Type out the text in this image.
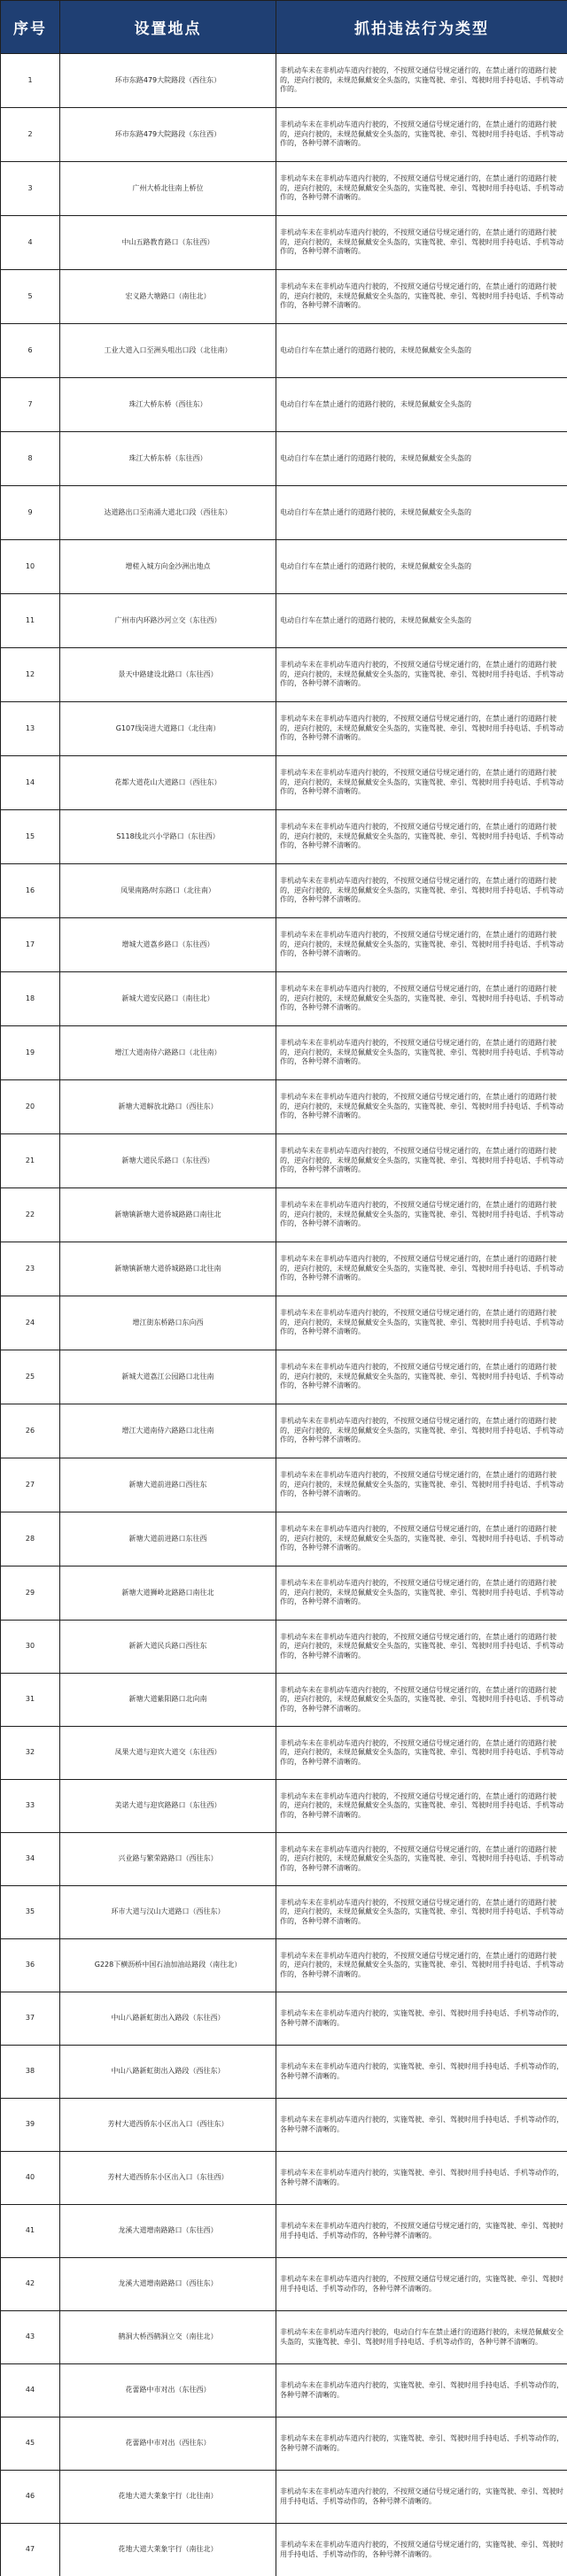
序号	设置地点	抓拍违法行为类型
1	环市东路479大院路段（西往东）	非机动车未在非机动车道内行驶的，不按照交通信号规定通行的，在禁止通行的道路行驶的，逆向行驶的，未规范佩戴安全头盔的，实施驾驶、牵引、驾驶时用手持电话、手机等动作的。
2	环市东路479大院路段（东往西）	非机动车未在非机动车道内行驶的，不按照交通信号规定通行的，在禁止通行的道路行驶的，逆向行驶的，未规范佩戴安全头盔的，实施驾驶、牵引、驾驶时用手持电话、手机等动作的，各种号牌不清晰的。
3	广州大桥北往南上桥位	非机动车未在非机动车道内行驶的，不按照交通信号规定通行的，在禁止通行的道路行驶的，逆向行驶的，未规范佩戴安全头盔的，实施驾驶、牵引、驾驶时用手持电话、手机等动作的，各种号牌不清晰的。
4	中山五路教育路口（东往西）	非机动车未在非机动车道内行驶的，不按照交通信号规定通行的，在禁止通行的道路行驶的，逆向行驶的，未规范佩戴安全头盔的，实施驾驶、牵引、驾驶时用手持电话、手机等动作的，各种号牌不清晰的。
5	宏义路大塘路口（南往北）	非机动车未在非机动车道内行驶的，不按照交通信号规定通行的，在禁止通行的道路行驶的，逆向行驶的，未规范佩戴安全头盔的，实施驾驶、牵引、驾驶时用手持电话、手机等动作的，各种号牌不清晰的。
6	工业大道入口至洲头咀出口段（北往南）	电动自行车在禁止通行的道路行驶的，未规范佩戴安全头盔的
7	珠江大桥东桥（西往东）	电动自行车在禁止通行的道路行驶的，未规范佩戴安全头盔的
8	珠江大桥东桥（东往西）	电动自行车在禁止通行的道路行驶的，未规范佩戴安全头盔的
9	达道路出口至南涌大道北口段（西往东）	电动自行车在禁止通行的道路行驶的，未规范佩戴安全头盔的
10	增槎入城方向金沙洲出地点	电动自行车在禁止通行的道路行驶的，未规范佩戴安全头盔的
11	广州市内环路沙河立交（东往西）	电动自行车在禁止通行的道路行驶的，未规范佩戴安全头盔的
12	景天中路建设北路口（东往西）	非机动车未在非机动车道内行驶的，不按照交通信号规定通行的，在禁止通行的道路行驶的，逆向行驶的，未规范佩戴安全头盔的，实施驾驶、牵引、驾驶时用手持电话、手机等动作的，各种号牌不清晰的。
13	G107线岗进大道路口（北往南）	非机动车未在非机动车道内行驶的，不按照交通信号规定通行的，在禁止通行的道路行驶的，逆向行驶的，未规范佩戴安全头盔的，实施驾驶、牵引、驾驶时用手持电话、手机等动作的，各种号牌不清晰的。
14	花都大道花山大道路口（西往东）	非机动车未在非机动车道内行驶的，不按照交通信号规定通行的，在禁止通行的道路行驶的，逆向行驶的，未规范佩戴安全头盔的，实施驾驶、牵引、驾驶时用手持电话、手机等动作的，各种号牌不清晰的。
15	S118线北兴小学路口（东往西）	非机动车未在非机动车道内行驶的，不按照交通信号规定通行的，在禁止通行的道路行驶的，逆向行驶的，未规范佩戴安全头盔的，实施驾驶、牵引、驾驶时用手持电话、手机等动作的，各种号牌不清晰的。
16	凤果南路/时东路口（北往南）	非机动车未在非机动车道内行驶的，不按照交通信号规定通行的，在禁止通行的道路行驶的，逆向行驶的，未规范佩戴安全头盔的，实施驾驶、牵引、驾驶时用手持电话、手机等动作的，各种号牌不清晰的。
17	增城大道荔乡路口（东往西）	非机动车未在非机动车道内行驶的，不按照交通信号规定通行的，在禁止通行的道路行驶的，逆向行驶的，未规范佩戴安全头盔的，实施驾驶、牵引、驾驶时用手持电话、手机等动作的，各种号牌不清晰的。
18	新城大道安民路口（南往北）	非机动车未在非机动车道内行驶的，不按照交通信号规定通行的，在禁止通行的道路行驶的，逆向行驶的，未规范佩戴安全头盔的，实施驾驶、牵引、驾驶时用手持电话、手机等动作的，各种号牌不清晰的。
19	增江大道南侍六路路口（北往南）	非机动车未在非机动车道内行驶的，不按照交通信号规定通行的，在禁止通行的道路行驶的，逆向行驶的，未规范佩戴安全头盔的，实施驾驶、牵引、驾驶时用手持电话、手机等动作的，各种号牌不清晰的。
20	新塘大道解放北路口（西往东）	非机动车未在非机动车道内行驶的，不按照交通信号规定通行的，在禁止通行的道路行驶的，逆向行驶的，未规范佩戴安全头盔的，实施驾驶、牵引、驾驶时用手持电话、手机等动作的，各种号牌不清晰的。
21	新塘大道民乐路口（东往西）	非机动车未在非机动车道内行驶的，不按照交通信号规定通行的，在禁止通行的道路行驶的，逆向行驶的，未规范佩戴安全头盔的，实施驾驶、牵引、驾驶时用手持电话、手机等动作的，各种号牌不清晰的。
22	新塘镇新塘大道侨城路路口南往北	非机动车未在非机动车道内行驶的，不按照交通信号规定通行的，在禁止通行的道路行驶的，逆向行驶的，未规范佩戴安全头盔的，实施驾驶、牵引、驾驶时用手持电话、手机等动作的，各种号牌不清晰的。
23	新塘镇新塘大道侨城路路口北往南	非机动车未在非机动车道内行驶的，不按照交通信号规定通行的，在禁止通行的道路行驶的，逆向行驶的，未规范佩戴安全头盔的，实施驾驶、牵引、驾驶时用手持电话、手机等动作的，各种号牌不清晰的。
24	增江街东桥路口东向西	非机动车未在非机动车道内行驶的，不按照交通信号规定通行的，在禁止通行的道路行驶的，逆向行驶的，未规范佩戴安全头盔的，实施驾驶、牵引、驾驶时用手持电话、手机等动作的，各种号牌不清晰的。
25	新城大道荔江公园路口北往南	非机动车未在非机动车道内行驶的，不按照交通信号规定通行的，在禁止通行的道路行驶的，逆向行驶的，未规范佩戴安全头盔的，实施驾驶、牵引、驾驶时用手持电话、手机等动作的，各种号牌不清晰的。
26	增江大道南侍六路路口北往南	非机动车未在非机动车道内行驶的，不按照交通信号规定通行的，在禁止通行的道路行驶的，逆向行驶的，未规范佩戴安全头盔的，实施驾驶、牵引、驾驶时用手持电话、手机等动作的，各种号牌不清晰的。
27	新塘大道前进路口西往东	非机动车未在非机动车道内行驶的，不按照交通信号规定通行的，在禁止通行的道路行驶的，逆向行驶的，未规范佩戴安全头盔的，实施驾驶、牵引、驾驶时用手持电话、手机等动作的，各种号牌不清晰的。
28	新塘大道前进路口东往西	非机动车未在非机动车道内行驶的，不按照交通信号规定通行的，在禁止通行的道路行驶的，逆向行驶的，未规范佩戴安全头盔的，实施驾驶、牵引、驾驶时用手持电话、手机等动作的，各种号牌不清晰的。
29	新塘大道狮岭北路路口南往北	非机动车未在非机动车道内行驶的，不按照交通信号规定通行的，在禁止通行的道路行驶的，逆向行驶的，未规范佩戴安全头盔的，实施驾驶、牵引、驾驶时用手持电话、手机等动作的，各种号牌不清晰的。
30	新新大道民兵路口西往东	非机动车未在非机动车道内行驶的，不按照交通信号规定通行的，在禁止通行的道路行驶的，逆向行驶的，未规范佩戴安全头盔的，实施驾驶、牵引、驾驶时用手持电话、手机等动作的，各种号牌不清晰的。
31	新塘大道紫阳路口北向南	非机动车未在非机动车道内行驶的，不按照交通信号规定通行的，在禁止通行的道路行驶的，逆向行驶的，未规范佩戴安全头盔的，实施驾驶、牵引、驾驶时用手持电话、手机等动作的，各种号牌不清晰的。
32	凤果大道与迎宾大道交（东往西）	非机动车未在非机动车道内行驶的，不按照交通信号规定通行的，在禁止通行的道路行驶的，逆向行驶的，未规范佩戴安全头盔的，实施驾驶、牵引、驾驶时用手持电话、手机等动作的，各种号牌不清晰的。
33	美诺大道与迎宾路路口（东往西）	非机动车未在非机动车道内行驶的，不按照交通信号规定通行的，在禁止通行的道路行驶的，逆向行驶的，未规范佩戴安全头盔的，实施驾驶、牵引、驾驶时用手持电话、手机等动作的，各种号牌不清晰的。
34	兴业路与繁荣路路口（西往东）	非机动车未在非机动车道内行驶的，不按照交通信号规定通行的，在禁止通行的道路行驶的，逆向行驶的，未规范佩戴安全头盔的，实施驾驶、牵引、驾驶时用手持电话、手机等动作的，各种号牌不清晰的。
35	环市大道与汉山大道路口（西往东）	非机动车未在非机动车道内行驶的，不按照交通信号规定通行的，在禁止通行的道路行驶的，逆向行驶的，未规范佩戴安全头盔的，实施驾驶、牵引、驾驶时用手持电话、手机等动作的，各种号牌不清晰的。
36	G228下横沥桥中国石油加油站路段（南往北）	非机动车未在非机动车道内行驶的，不按照交通信号规定通行的，在禁止通行的道路行驶的，逆向行驶的，未规范佩戴安全头盔的，实施驾驶、牵引、驾驶时用手持电话、手机等动作的，各种号牌不清晰的。
37	中山八路新虹街出入路段（东往西）	非机动车未在非机动车道内行驶的，实施驾驶、牵引、驾驶时用手持电话、手机等动作的，各种号牌不清晰的。
38	中山八路新虹街出入路段（西往东）	非机动车未在非机动车道内行驶的，实施驾驶、牵引、驾驶时用手持电话、手机等动作的，各种号牌不清晰的。
39	芳村大道西侨东小区出入口（西往东）	非机动车未在非机动车道内行驶的，实施驾驶、牵引、驾驶时用手持电话、手机等动作的，各种号牌不清晰的。
40	芳村大道西侨东小区出入口（东往西）	非机动车未在非机动车道内行驶的，实施驾驶、牵引、驾驶时用手持电话、手机等动作的，各种号牌不清晰的。
41	龙溪大道增南路路口（东往西）	非机动车未在非机动车道内行驶的，不按照交通信号规定通行的，实施驾驶、牵引、驾驶时用手持电话、手机等动作的，各种号牌不清晰的。
42	龙溪大道增南路路口（西往东）	非机动车未在非机动车道内行驶的，不按照交通信号规定通行的，实施驾驶、牵引、驾驶时用手持电话、手机等动作的，各种号牌不清晰的。
43	鹤洞大桥西鹤洞立交（南往北）	非机动车未在非机动车道内行驶的，电动自行车在禁止通行的道路行驶的，未规范佩戴安全头盔的，实施驾驶、牵引、驾驶时用手持电话、手机等动作的，各种号牌不清晰的。
44	花蕾路中市对出（东往西）	非机动车未在非机动车道内行驶的，实施驾驶、牵引、驾驶时用手持电话、手机等动作的，各种号牌不清晰的。
45	花蕾路中市对出（西往东）	非机动车未在非机动车道内行驶的，实施驾驶、牵引、驾驶时用手持电话、手机等动作的，各种号牌不清晰的。
46	花地大道大莱象宇行（北往南）	非机动车未在非机动车道内行驶的，不按照交通信号规定通行的，实施驾驶、牵引、驾驶时用手持电话、手机等动作的，各种号牌不清晰的。
47	花地大道大莱象宇行（南往北）	非机动车未在非机动车道内行驶的，不按照交通信号规定通行的，实施驾驶、牵引、驾驶时用手持电话、手机等动作的，各种号牌不清晰的。
